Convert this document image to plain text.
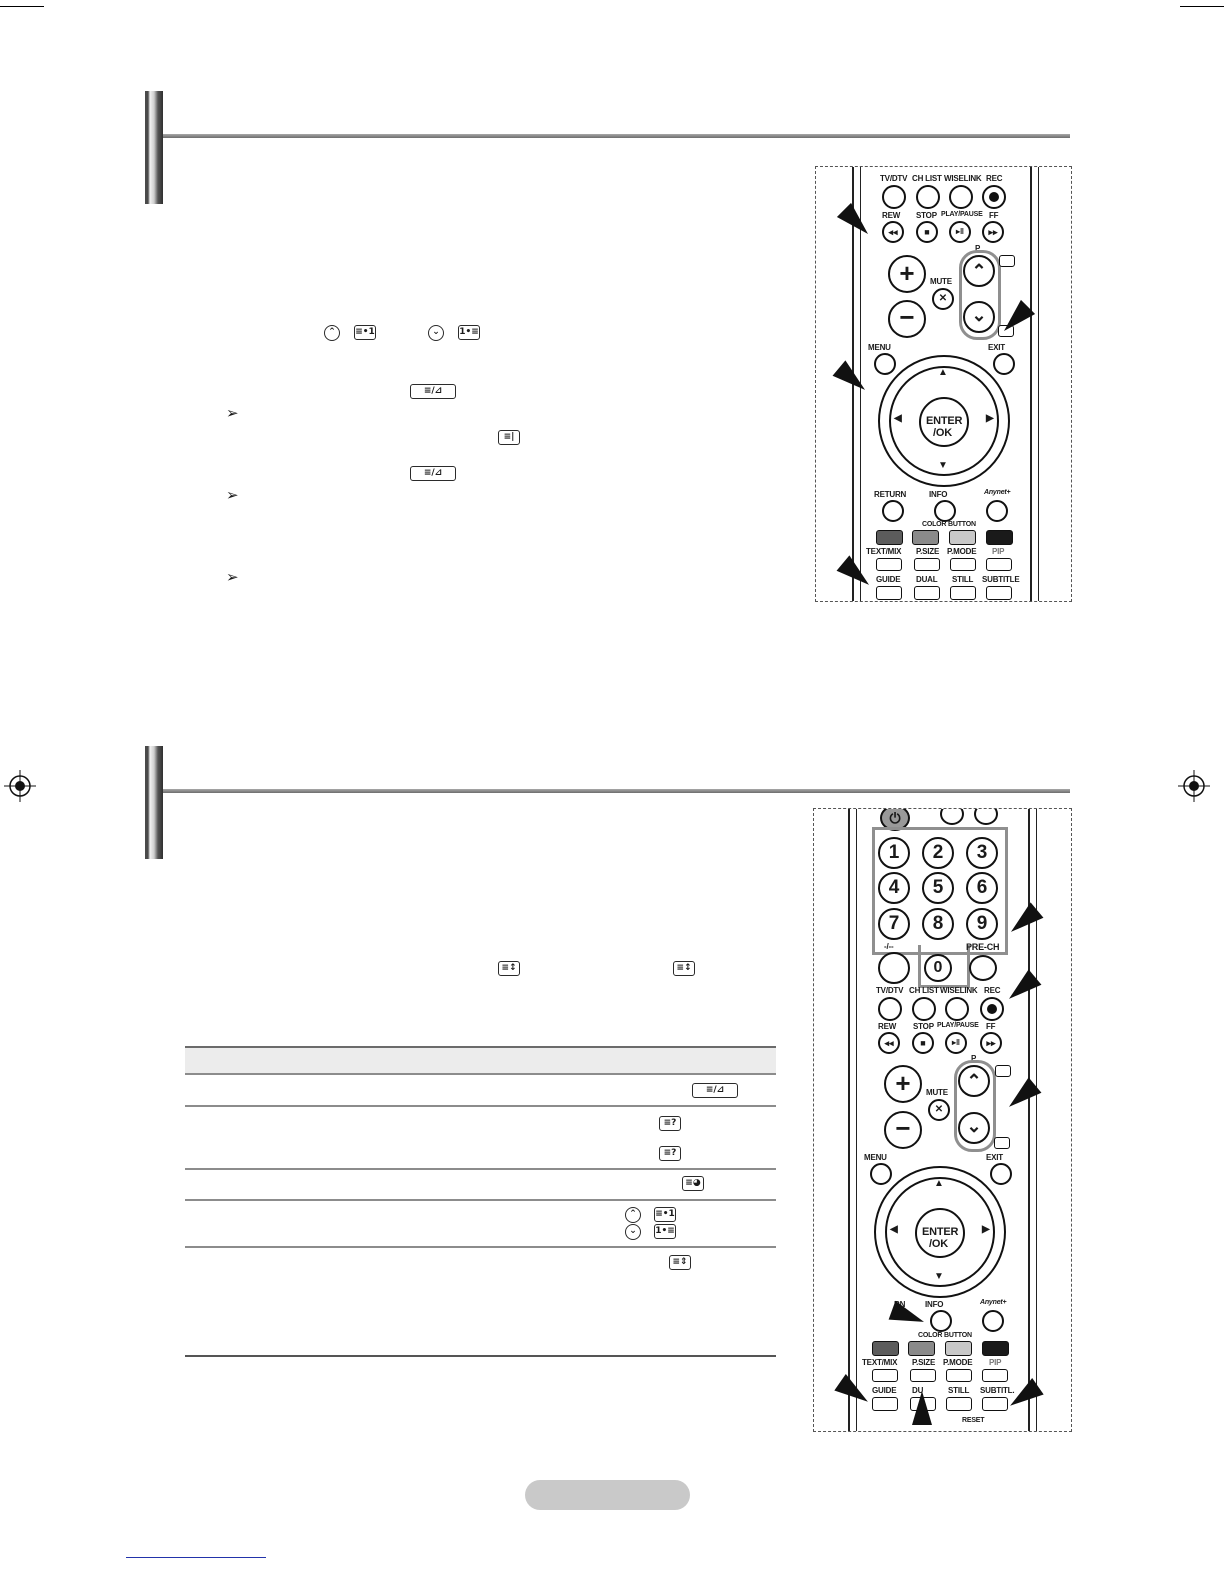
⌃	≡•1	⌄	1•≡
≡/⊿
➢
≡|
≡/⊿
➢
➢
TV/DTV CH LIST WISELINK REC
REW STOP PLAY/PAUSE FF
◂◂	■	▸‖	▸▸
+
−
MUTE
✕
P
⌃
⌄
MENU	EXIT
▲
▼
◀	▶
ENTER
/OK
RETURN	INFO	Anynet+
COLOR BUTTON
TEXT/MIX P.SIZE P.MODE PIP
GUIDE DUAL STILL SUBTITLE
≡↕	≡↕
≡/⊿
≡?
≡?
≡◕
⌃	≡•1
⌄	1•≡
≡⇕
⏻
1	2	3
4	5	6
7	8	9
-/--
0
PRE-CH
TV/DTV CH LIST WISELINK REC
REW STOP PLAY/PAUSE FF
◂◂	■	▸‖	▸▸
+
−
MUTE
✕
P
⌃
⌄
MENU	EXIT
▲
▼
◀	▶
ENTER
/OK
RN INFO	Anynet+
COLOR BUTTON
TEXT/MIX P.SIZE P.MODE PIP
GUIDE DU	STILL SUBTITL.
RESET
